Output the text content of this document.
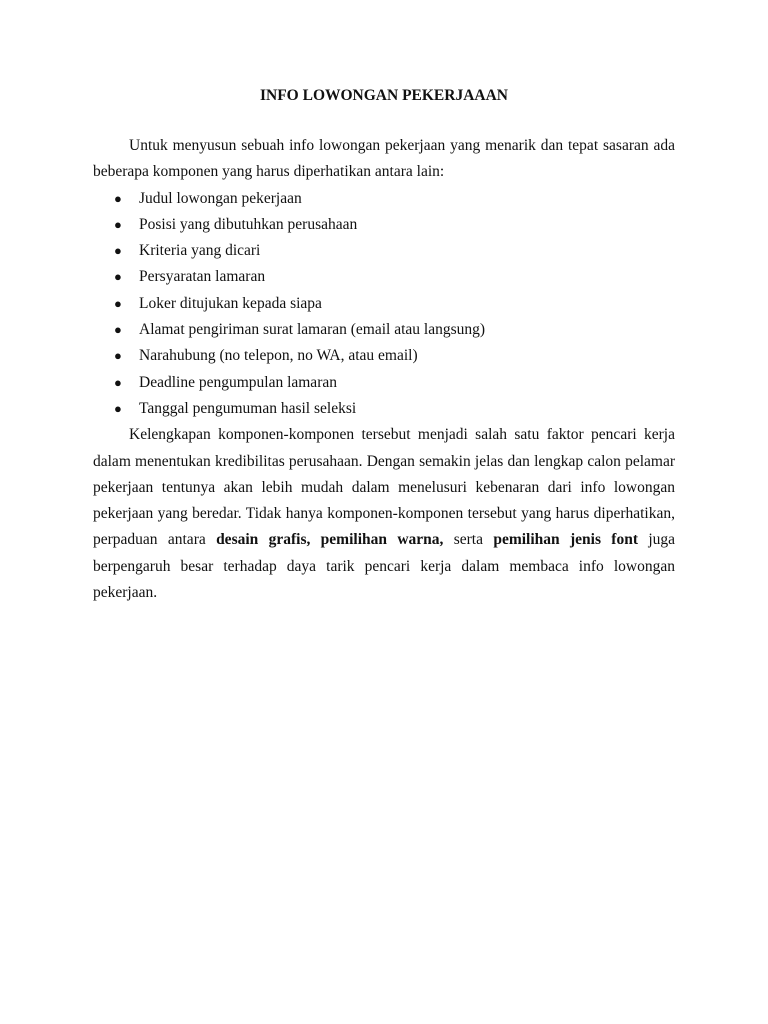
INFO LOWONGAN PEKERJAAAN

Untuk menyusun sebuah info lowongan pekerjaan yang menarik dan tepat sasaran ada beberapa komponen yang harus diperhatikan antara lain:

● Judul lowongan pekerjaan
● Posisi yang dibutuhkan perusahaan
● Kriteria yang dicari
● Persyaratan lamaran
● Loker ditujukan kepada siapa
● Alamat pengiriman surat lamaran (email atau langsung)
● Narahubung (no telepon, no WA, atau email)
● Deadline pengumpulan lamaran
● Tanggal pengumuman hasil seleksi

Kelengkapan komponen-komponen tersebut menjadi salah satu faktor pencari kerja dalam menentukan kredibilitas perusahaan. Dengan semakin jelas dan lengkap calon pelamar pekerjaan tentunya akan lebih mudah dalam menelusuri kebenaran dari info lowongan pekerjaan yang beredar. Tidak hanya komponen-komponen tersebut yang harus diperhatikan, perpaduan antara desain grafis, pemilihan warna, serta pemilihan jenis font juga berpengaruh besar terhadap daya tarik pencari kerja dalam membaca info lowongan pekerjaan.
